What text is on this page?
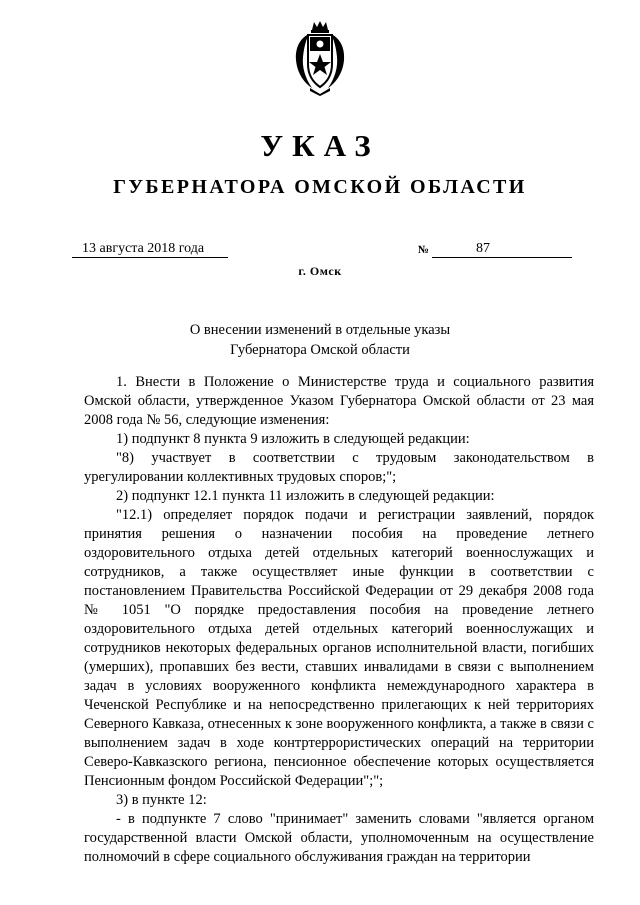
УКАЗ
ГУБЕРНАТОРА ОМСКОЙ ОБЛАСТИ
13 августа 2018 года	№	87
г. Омск
О внесении изменений в отдельные указы
Губернатора Омской области

1. Внести в Положение о Министерстве труда и социального развития Омской области, утвержденное Указом Губернатора Омской области от 23 мая 2008 года № 56, следующие изменения:

1) подпункт 8 пункта 9 изложить в следующей редакции:

"8) участвует в соответствии с трудовым законодательством в урегулировании коллективных трудовых споров;";

2) подпункт 12.1 пункта 11 изложить в следующей редакции:

"12.1) определяет порядок подачи и регистрации заявлений, порядок принятия решения о назначении пособия на проведение летнего оздоровительного отдыха детей отдельных категорий военнослужащих и сотрудников, а также осуществляет иные функции в соответствии с постановлением Правительства Российской Федерации от 29 декабря 2008 года № 1051 "О порядке предоставления пособия на проведение летнего оздоровительного отдыха детей отдельных категорий военнослужащих и сотрудников некоторых федеральных органов исполнительной власти, погибших (умерших), пропавших без вести, ставших инвалидами в связи с выполнением задач в условиях вооруженного конфликта немеждународного характера в Чеченской Республике и на непосредственно прилегающих к ней территориях Северного Кавказа, отнесенных к зоне вооруженного конфликта, а также в связи с выполнением задач в ходе контртеррористических операций на территории Северо-Кавказского региона, пенсионное обеспечение которых осуществляется Пенсионным фондом Российской Федерации";";

3) в пункте 12:

- в подпункте 7 слово "принимает" заменить словами "является органом государственной власти Омской области, уполномоченным на осуществление полномочий в сфере социального обслуживания граждан на территории
